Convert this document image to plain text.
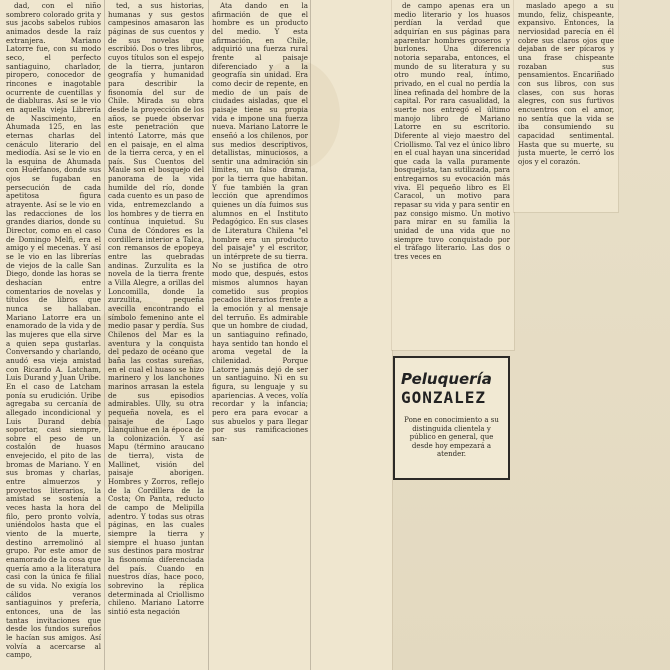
dad, con el niño sombrero colorado grita y sus jacobs sabelos rubios animados desde la raíz extranjera. Mariano Latorre fue, con su modo seco, el perfecto santiaguino, charlador, piropero, conocedor de rincones e inagotable ocurrente de cuentillas y de diabluras. Así se le vio en aquella vieja Librería de Nascimento, en Ahumada 125, en las eternas charlas del cenáculo literario del mediodía. Así se le vio en la esquina de Ahumada con Huérfanos, donde sus ojos se fugaban en persecución de cada apetitosa figura atrayente. Así se le vio en las redacciones de los grandes diarios, donde su Director, como en el caso de Domingo Melfi, era el amigo y el mecenas. Y así se le vio en las librerías de viejos de la calle San Diego, donde las horas se deshacían entre comentarios de novelas y títulos de libros que nunca se hallaban. Mariano Latorre era un enamorado de la vida y de las mujeres que ella sirve a quien sepa gustarlas. Conversando y charlando, anudó esa vieja amistad con Ricardo A. Latcham, Luis Durand y Juan Uribe. En el caso de Latcham ponía su erudición. Uribe agregaba su cercanía de allegado incondicional y Luis Durand debía soportar, casi siempre, sobre el peso de un costalón de huasos envejecido, el pito de las bromas de Mariano. Y en sus bromas y charlas, entre almuerzos y proyectos literarios, la amistad se sostenía a veces hasta la hora del filo, pero pronto volvía, uniéndolos hasta que el viento de la muerte, destino arremolinó al grupo. Por este amor de enamorado de la cosa que quería amo a la literatura casi con la única fe filial de su vida. No exigía los cálidos veranos santiaguinos y prefería, entonces, una de las tantas invitaciones que desde los fundos sureños le hacían sus amigos. Así volvía a acercarse al campo,

ted, a sus historias, humanas y sus gestos campesinos amasaron las páginas de sus cuentos y de sus novelas que escribió. Dos o tres libros, cuyos títulos son el espejo de la tierra, juntaron geografía y humanidad para describir la fisonomía del sur de Chile. Mirada su obra desde la proyección de los años, se puede observar este penetración que intentó Latorre, más que en el paisaje, en el alma de la tierra cerca, y en el país. Sus Cuentos del Maule son el bosquejo del panorama de la vida humilde del río, donde cada cuento es un paso de vida, entremezclando a los hombres y de tierra en contínua inquietud. Su Cuna de Cóndores es la cordillera interior a Talca, con remansos de epopeya entre las quebradas andinas. Zurzulita es la novela de la tierra frente a Villa Alegre, a orillas del Loncomilla, donde la zurzulita, pequeña avecilla encontrando el símbolo femenino ante el medio pasar y perdía. Sus Chilenos del Mar es la aventura y la conquista del pedazo de océano que baña las costas sureñas, en el cual el huaso se hizo marinero y los lanchones marinos arrasan la estela de sus episodios admirables. Ully, su otra pequeña novela, es el paisaje de Lago Llanquihue en la época de la colonización. Y así Mapu (término araucano de tierra), vista de Mallinet, visión del paisaje aborigen. Hombres y Zorros, reflejo de la Cordillera de la Costa; On Panta, reducto de campo de Melipilla adentro. Y todas sus otras páginas, en las cuales siempre la tierra y siempre el huaso juntan sus destinos para mostrar la fisonomía diferenciada del país. Cuando en nuestros días, hace poco, sobrevino la réplica determinada al Criollismo chileno. Mariano Latorre sintió esta negación

Ata dando en la afirmación de que el hombre es un producto del medio. Y esta afirmación, en Chile, adquirió una fuerza rural frente al paisaje diferenciado y a la geografía sin unidad. Era como decir de repente, en medio de un país de ciudades aisladas, que el paisaje tiene su propia vida e impone una fuerza nueva. Mariano Latorre le enseñó a los chilenos, por sus medios descriptivos, detallistas, minuciosos, a sentir una admiración sin límites, un falso drama, por la tierra que habitan. Y fue también la gran lección que aprendimos quienes un día fuimos sus alumnos en el Instituto Pedagógico. En sus clases de Literatura Chilena "el hombre era un producto del paisaje" y el escritor, un intérprete de su tierra. No se justifica de otro modo que, después, estos mismos alumnos hayan cometido sus propios pecados literarios frente a la emoción y al mensaje del terruño. Es admirable que un hombre de ciudad, un santiaguino refinado, haya sentido tan hondo el aroma vegetal de la chilenidad. Porque Latorre jamás dejó de ser un santiaguino. Ni en su figura, su lenguaje y su apariencias. A veces, volía recordar y la infancia; pero era para evocar a sus abuelos y para llegar por sus ramificaciones san-

de campo apenas era un medio literario y los huasos perdían la verdad que adquirían en sus páginas para aparentar hombres groseros y burlones. Una diferencia notoria separaba, entonces, el mundo de su literatura y su otro mundo real, íntimo, privado, en el cual no perdía la línea refinada del hombre de la capital. Por rara casualidad, la suerte nos entregó el último manojo libro de Mariano Latorre en su escritorio. Diferente al viejo maestro del Criollismo. Tal vez el único libro en el cual hayan una sinceridad que cada la valla puramente bosquejista, tan sutilizada, para entregarnos su evocación más viva. El pequeño libro es El Caracol, un motivo para repasar su vida y para sentir en paz consigo mismo. Un motivo para mirar en su familia la unidad de una vida que no siempre tuvo conquistado por el tráfago literario. Las dos o tres veces en

maslado apego a su mundo, feliz, chispeante, expansivo. Entonces, la nerviosidad parecía en él cobre sus claros ojos que dejaban de ser pícaros y una frase chispeante rozaban sus pensamientos. Encariñado con sus libros, con sus clases, con sus horas alegres, con sus furtivos encuentros con el amor, no sentía que la vida se iba consumiendo su capacidad sentimental. Hasta que su muerte, su justa muerte, le cerró los ojos y el corazón.

Peluquería
GONZALEZ
Pone en conocimiento a su distinguida clientela y público en general, que desde hoy empezará a atender.
